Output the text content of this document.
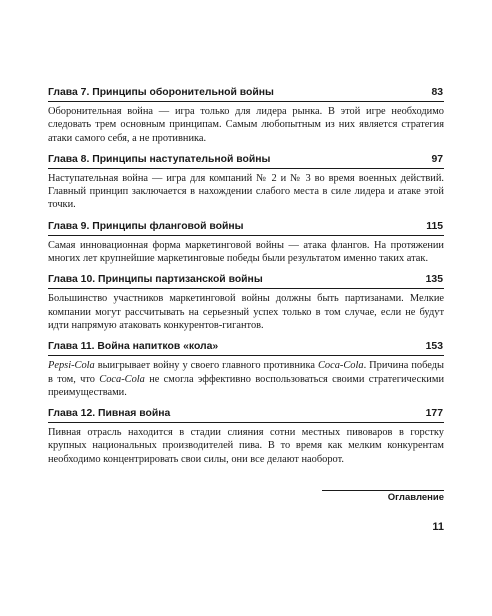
Глава 7. Принципы оборонительной войны	83

Оборонительная война — игра только для лидера рынка. В этой игре необходимо следовать трем основным принципам. Самым любопытным из них является стратегия атаки самого себя, а не противника.

Глава 8. Принципы наступательной войны	97

Наступательная война — игра для компаний № 2 и № 3 во время военных действий. Главный принцип заключается в нахождении слабого места в силе лидера и атаке этой точки.

Глава 9. Принципы фланговой войны	115

Самая инновационная форма маркетинговой войны — атака флангов. На протяжении многих лет крупнейшие маркетинговые победы были результатом именно таких атак.

Глава 10. Принципы партизанской войны	135

Большинство участников маркетинговой войны должны быть партизанами. Мелкие компании могут рассчитывать на серьезный успех только в том случае, если не будут идти напрямую атаковать конкурентов-гигантов.

Глава 11. Война напитков «кола»	153

Pepsi-Cola выигрывает войну у своего главного противника Coca-Cola. Причина победы в том, что Coca-Cola не смогла эффективно воспользоваться своими стратегическими преимуществами.

Глава 12. Пивная война	177

Пивная отрасль находится в стадии слияния сотни местных пивоваров в горстку крупных национальных производителей пива. В то время как мелким конкурентам необходимо концентрировать свои силы, они все делают наоборот.

Оглавление
11
